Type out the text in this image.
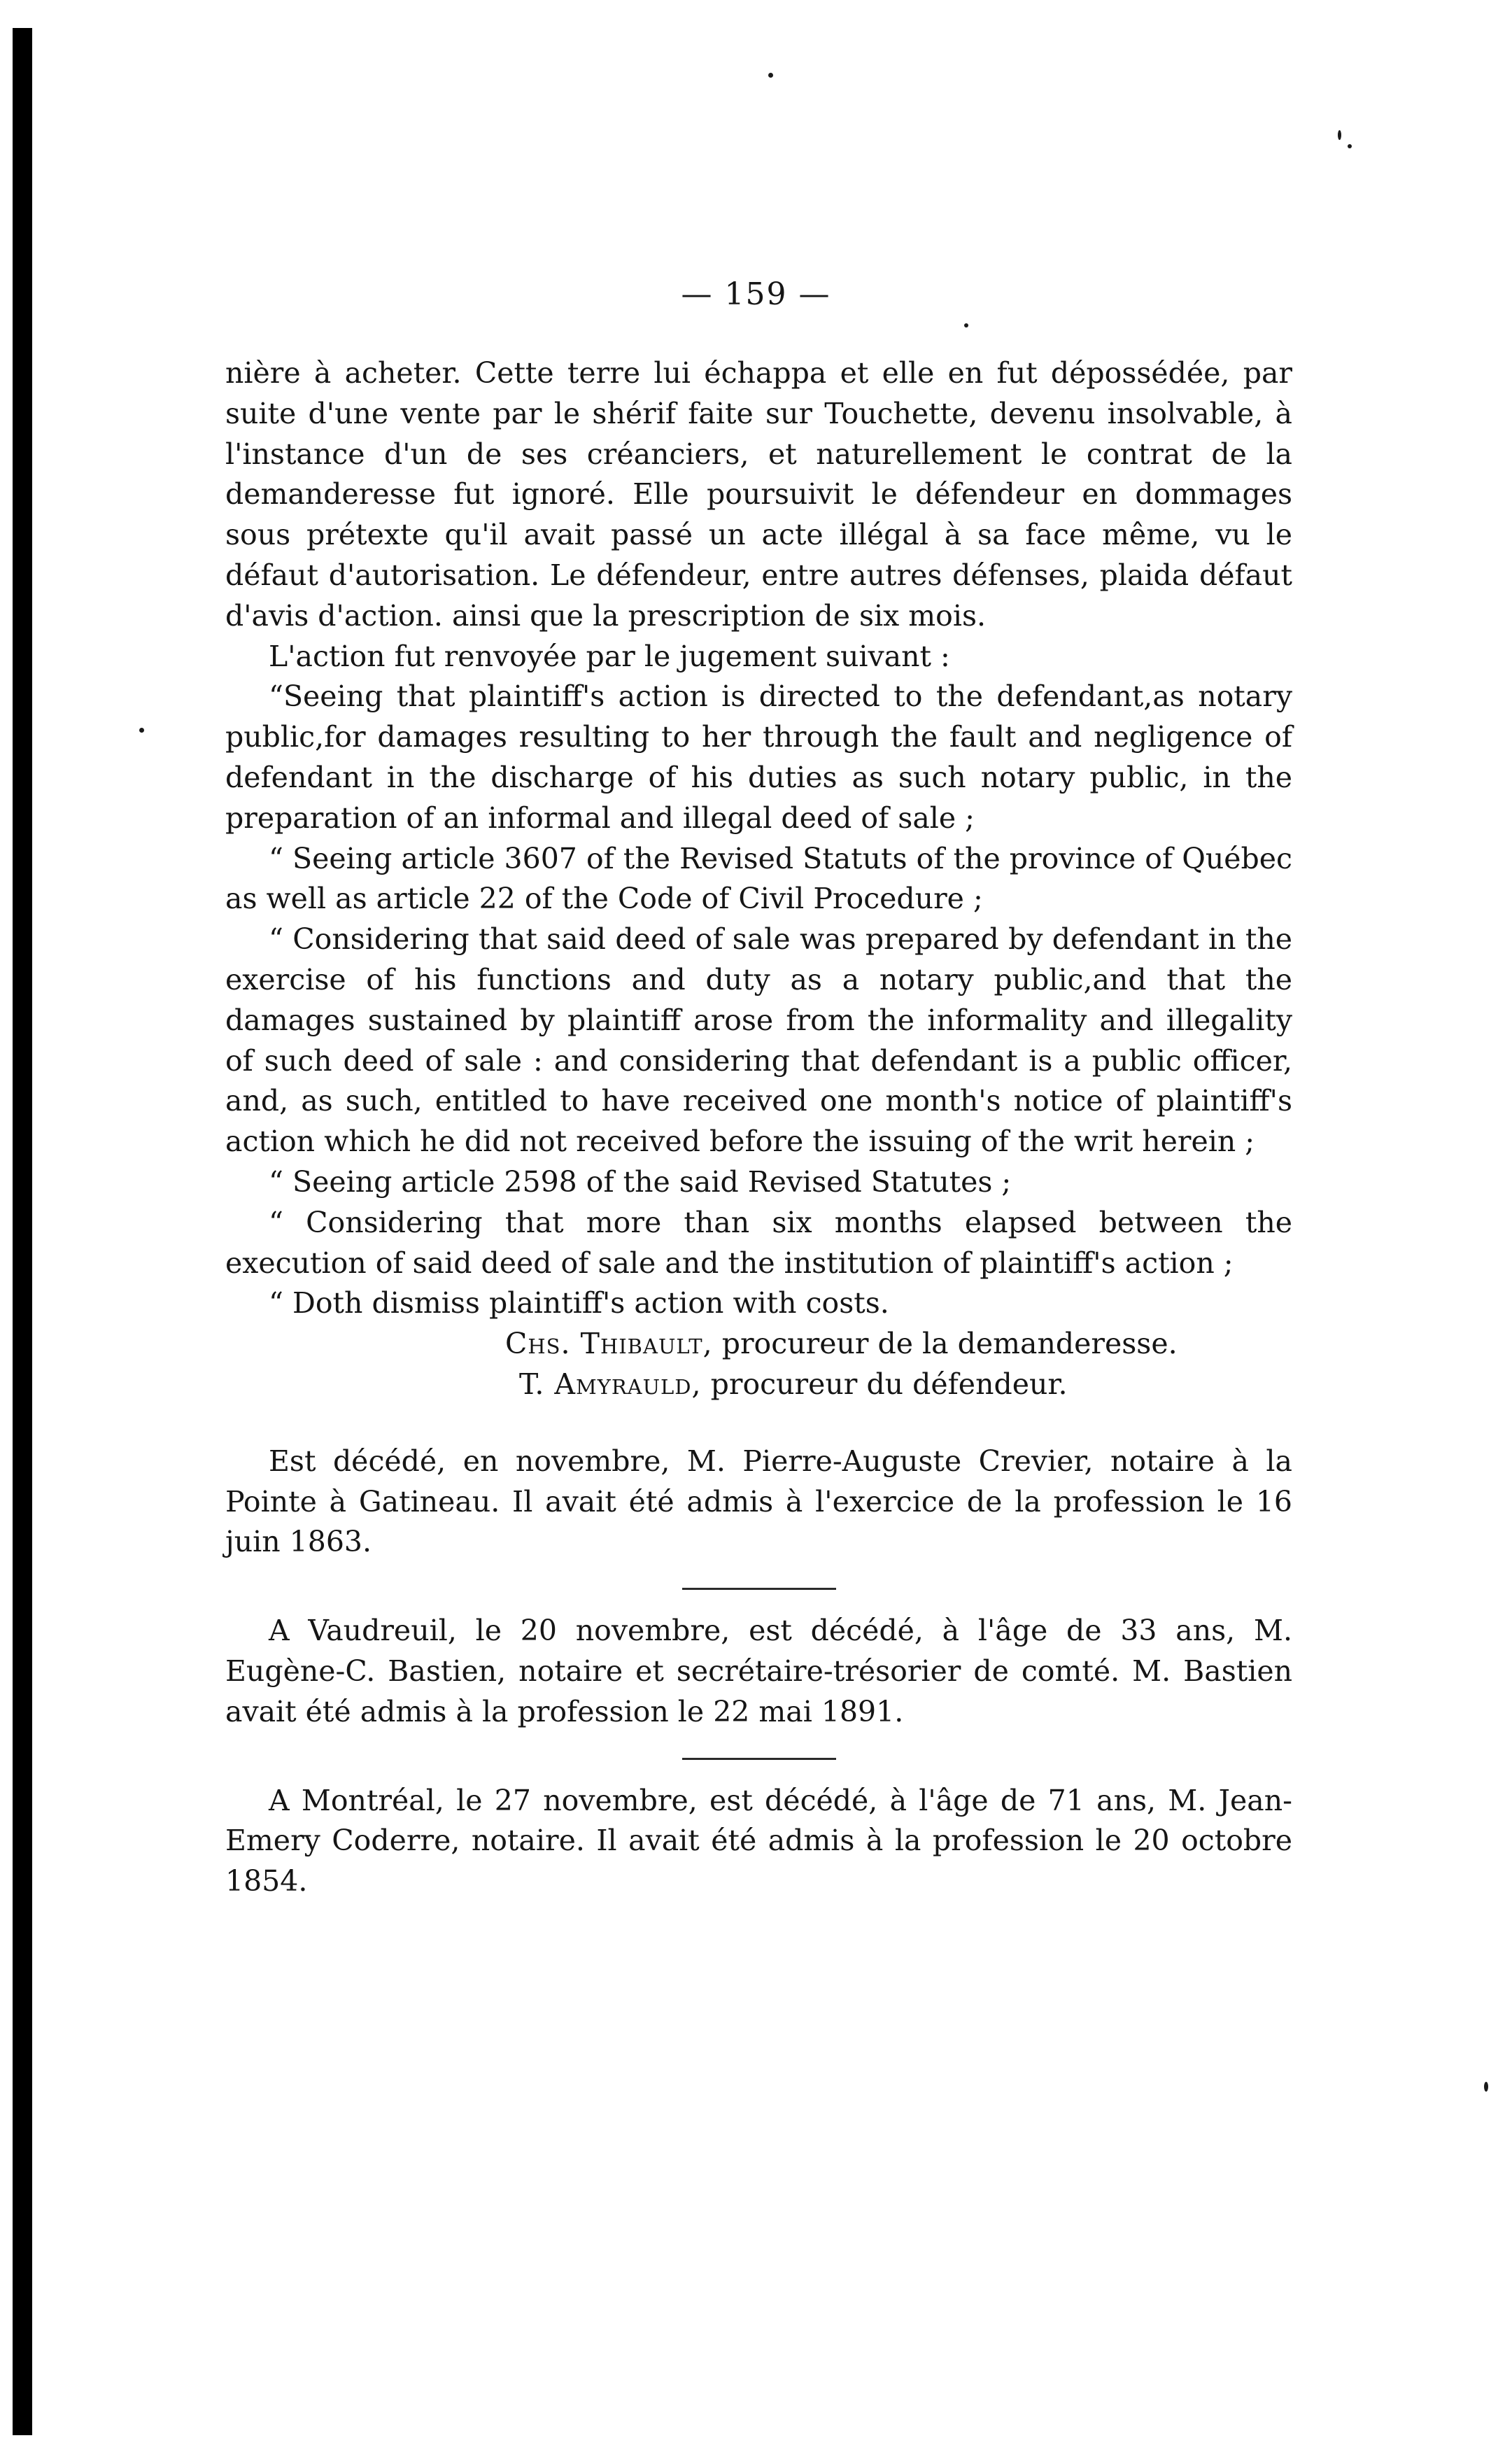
— 159 —

nière à acheter. Cette terre lui échappa et elle en fut dépossédée, par suite d'une vente par le shérif faite sur Touchette, devenu insolvable, à l'instance d'un de ses créanciers, et naturellement le contrat de la demanderesse fut ignoré. Elle poursuivit le défendeur en dommages sous prétexte qu'il avait passé un acte illégal à sa face même, vu le défaut d'autorisation. Le défendeur, entre autres défenses, plaida défaut d'avis d'action. ainsi que la prescription de six mois.

L'action fut renvoyée par le jugement suivant :

“Seeing that plaintiff's action is directed to the defendant,as notary public,for damages resulting to her through the fault and negligence of defendant in the discharge of his duties as such notary public, in the preparation of an informal and illegal deed of sale ;

“ Seeing article 3607 of the Revised Statuts of the province of Québec as well as article 22 of the Code of Civil Procedure ;

“ Considering that said deed of sale was prepared by defendant in the exercise of his functions and duty as a notary public,and that the damages sustained by plaintiff arose from the informality and illegality of such deed of sale : and considering that defendant is a public officer, and, as such, entitled to have received one month's notice of plaintiff's action which he did not received before the issuing of the writ herein ;

“ Seeing article 2598 of the said Revised Statutes ;

“ Considering that more than six months elapsed between the execution of said deed of sale and the institution of plaintiff's action ;

“ Doth dismiss plaintiff's action with costs.

Chs. Thibault, procureur de la demanderesse.

T. Amyrauld, procureur du défendeur.

Est décédé, en novembre, M. Pierre-Auguste Crevier, notaire à la Pointe à Gatineau. Il avait été admis à l'exercice de la profession le 16 juin 1863.

A Vaudreuil, le 20 novembre, est décédé, à l'âge de 33 ans, M. Eugène-C. Bastien, notaire et secrétaire-trésorier de comté. M. Bastien avait été admis à la profession le 22 mai 1891.

A Montréal, le 27 novembre, est décédé, à l'âge de 71 ans, M. Jean-Emery Coderre, notaire. Il avait été admis à la profession le 20 octobre 1854.
